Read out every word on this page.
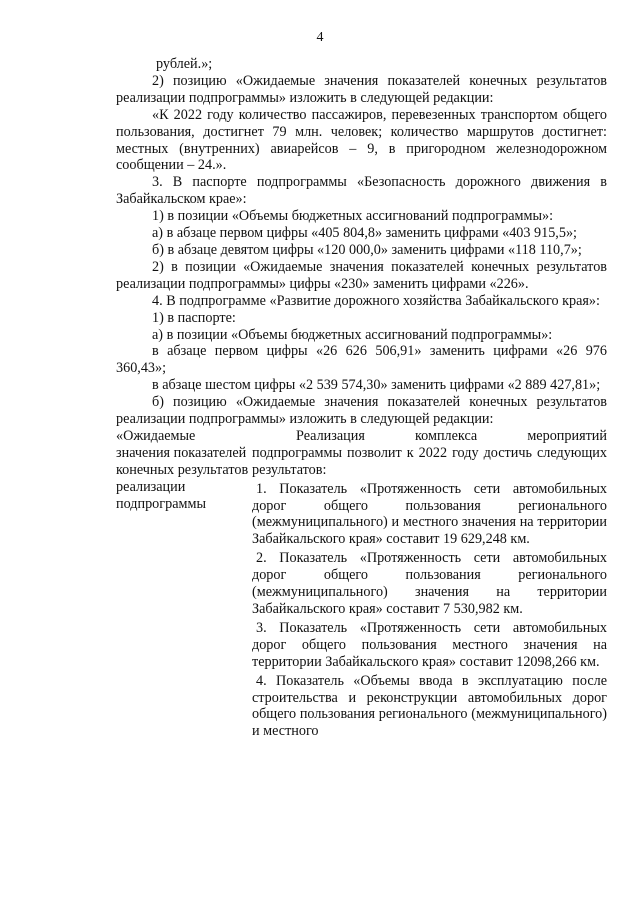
4

рублей.»;

2) позицию «Ожидаемые значения показателей конечных результатов реализации подпрограммы» изложить в следующей редакции:

«К 2022 году количество пассажиров, перевезенных транспортом общего пользования, достигнет 79 млн. человек; количество маршрутов достигнет: местных (внутренних) авиарейсов – 9, в пригородном железнодорожном сообщении – 24.».

3. В паспорте подпрограммы «Безопасность дорожного движения в Забайкальском крае»:

1) в позиции «Объемы бюджетных ассигнований подпрограммы»:

а) в абзаце первом цифры «405 804,8» заменить цифрами «403 915,5»;

б) в абзаце девятом цифры «120 000,0» заменить цифрами «118 110,7»;

2) в позиции «Ожидаемые значения показателей конечных результатов реализации подпрограммы» цифры «230» заменить цифрами «226».

4. В подпрограмме «Развитие дорожного хозяйства Забайкальского края»:

1) в паспорте:

а) в позиции «Объемы бюджетных ассигнований подпрограммы»:

в абзаце первом цифры «26 626 506,91» заменить цифрами «26 976 360,43»;

в абзаце шестом цифры «2 539 574,30» заменить цифрами «2 889 427,81»;

б) позицию «Ожидаемые значения показателей конечных результатов реализации подпрограммы» изложить в следующей редакции:

«Ожидаемые значения показателей конечных результатов реализации подпрограммы

Реализация комплекса мероприятий подпрограммы позволит к 2022 году достичь следующих результатов:

1. Показатель «Протяженность сети автомобильных дорог общего пользования регионального (межмуниципального) и местного значения на территории Забайкальского края» составит 19 629,248 км.

2. Показатель «Протяженность сети автомобильных дорог общего пользования регионального (межмуниципального) значения на территории Забайкальского края» составит 7 530,982 км.

3. Показатель «Протяженность сети автомобильных дорог общего пользования местного значения на территории Забайкальского края» составит 12098,266 км.

4. Показатель «Объемы ввода в эксплуатацию после строительства и реконструкции автомобильных дорог общего пользования регионального (межмуниципального) и местного
